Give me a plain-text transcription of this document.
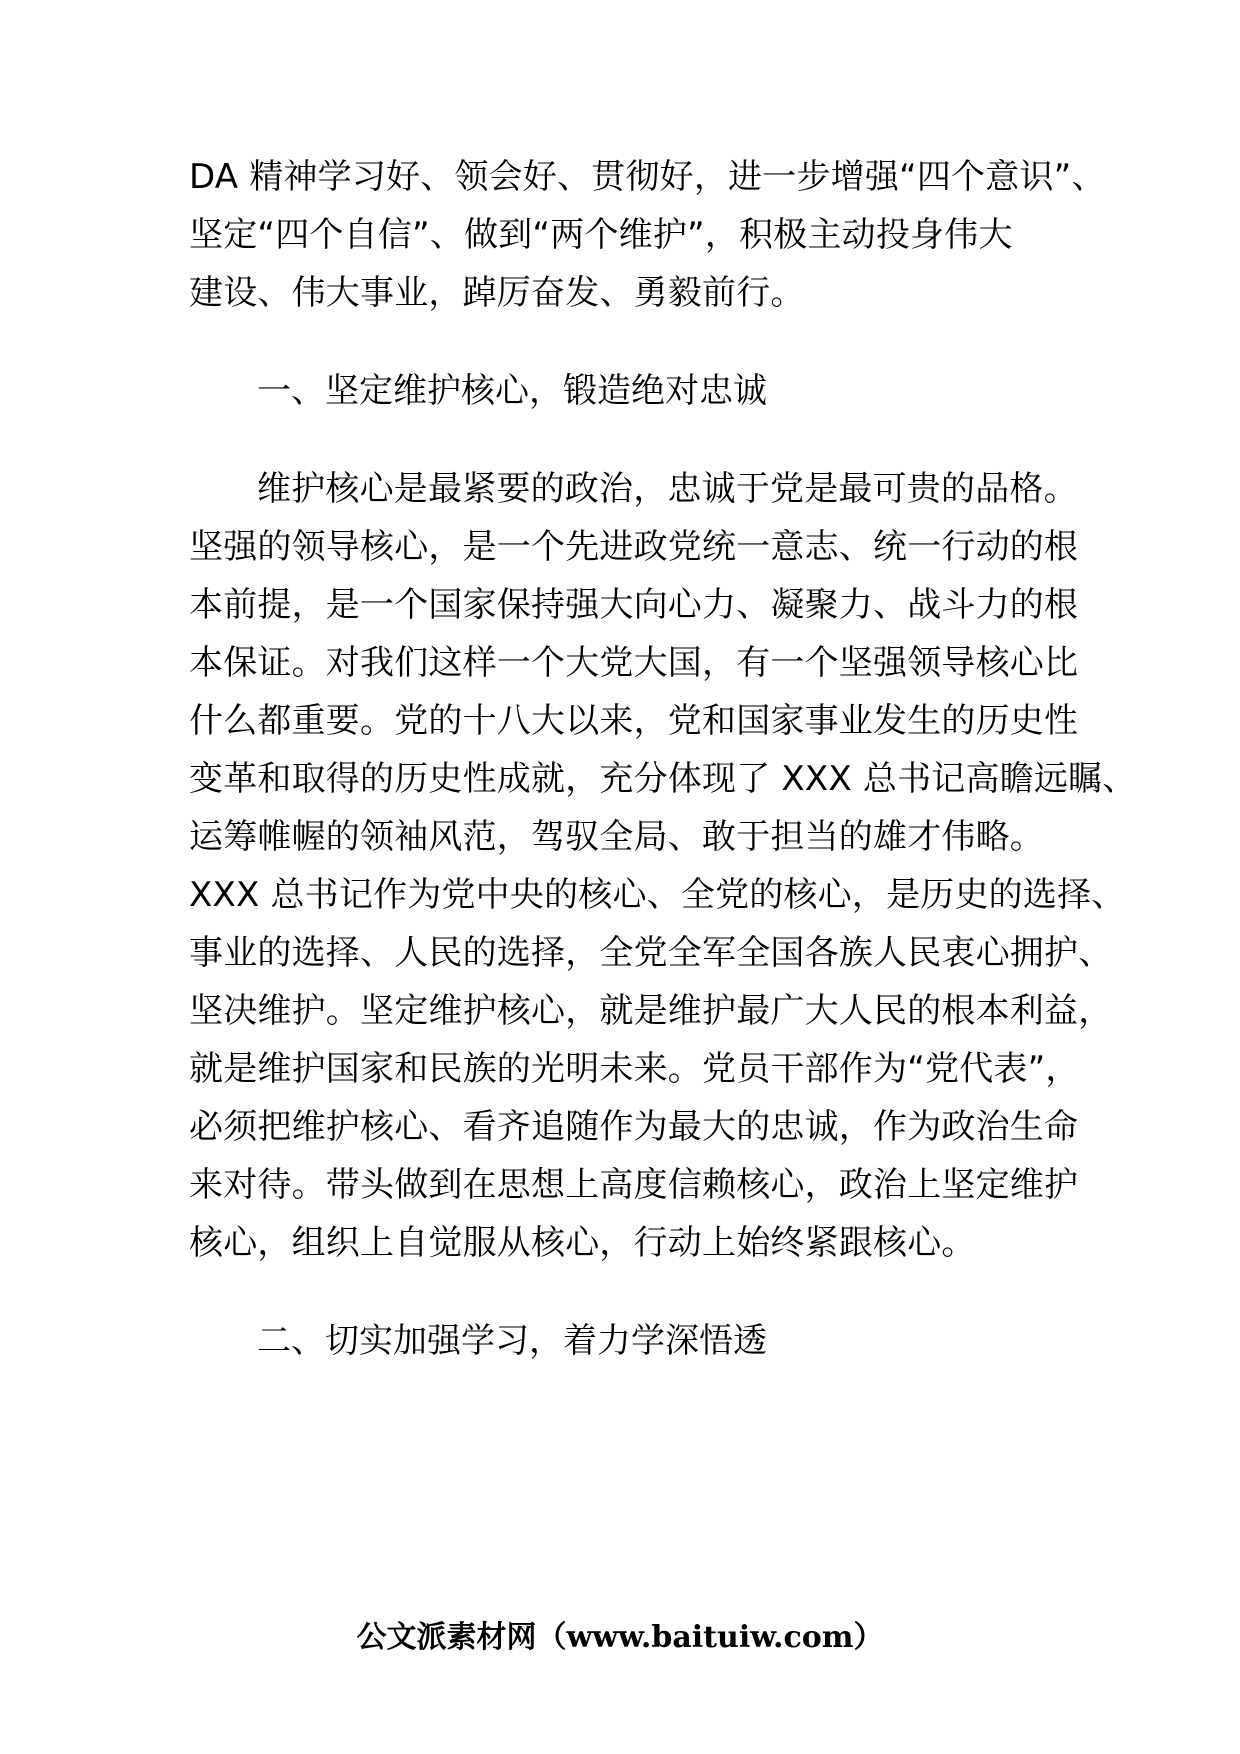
DA 精神学习好、领会好、贯彻好，进一步增强“四个意识”、
坚定“四个自信”、做到“两个维护”，积极主动投身伟大
建设、伟大事业，踔厉奋发、勇毅前行。
一、坚定维护核心，锻造绝对忠诚
维护核心是最紧要的政治，忠诚于党是最可贵的品格。
坚强的领导核心，是一个先进政党统一意志、统一行动的根
本前提，是一个国家保持强大向心力、凝聚力、战斗力的根
本保证。对我们这样一个大党大国，有一个坚强领导核心比
什么都重要。党的十八大以来，党和国家事业发生的历史性
变革和取得的历史性成就，充分体现了 XXX 总书记高瞻远瞩、
运筹帷幄的领袖风范，驾驭全局、敢于担当的雄才伟略。
XXX 总书记作为党中央的核心、全党的核心，是历史的选择、
事业的选择、人民的选择，全党全军全国各族人民衷心拥护、
坚决维护。坚定维护核心，就是维护最广大人民的根本利益，
就是维护国家和民族的光明未来。党员干部作为“党代表”，
必须把维护核心、看齐追随作为最大的忠诚，作为政治生命
来对待。带头做到在思想上高度信赖核心，政治上坚定维护
核心，组织上自觉服从核心，行动上始终紧跟核心。
二、切实加强学习，着力学深悟透
公文派素材网（www.baituiw.com）
